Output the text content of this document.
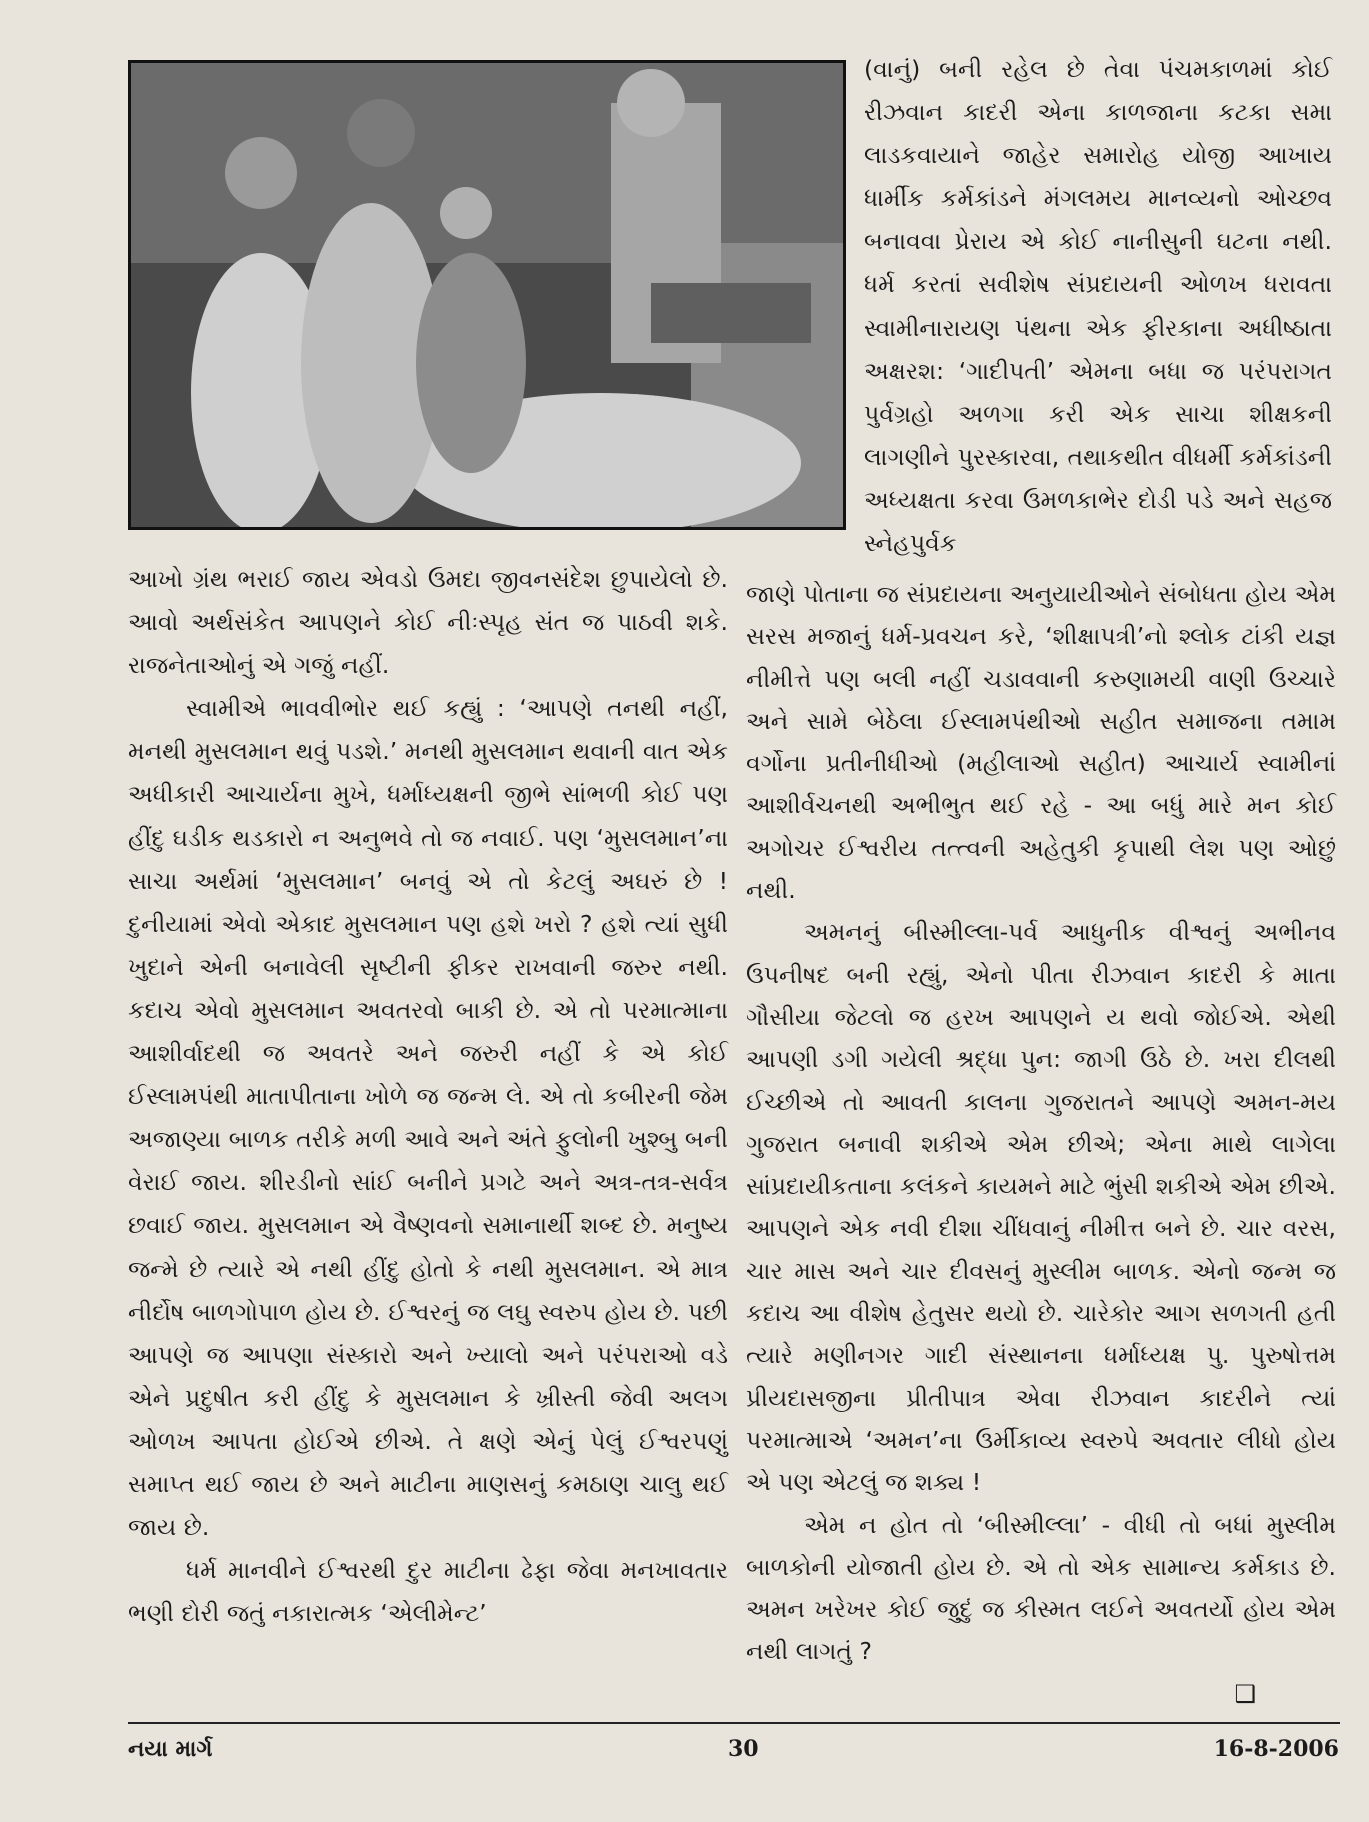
(વાનું) બની રહેલ છે તેવા પંચમકાળમાં કોઈ રીઝવાન કાદરી એના કાળજાના કટકા સમા લાડકવાયાને જાહેર સમારોહ યોજી આખાય ધાર્મીક કર્મકાંડને મંગલમય માનવ્યનો ઓચ્છવ બનાવવા પ્રેરાય એ કોઈ નાનીસુની ઘટના નથી. ધર્મ કરતાં સવીશેષ સંપ્રદાયની ઓળખ ધરાવતા સ્વામીનારાયણ પંથના એક ફીરકાના અધીષ્ઠાતા અક્ષરશ: ‘ગાદીપતી’ એમના બધા જ પરંપરાગત પુર્વગ્રહો અળગા કરી એક સાચા શીક્ષકની લાગણીને પુરસ્કારવા, તથાકથીત વીધર્મી કર્મકાંડની અધ્યક્ષતા કરવા ઉમળકાભેર દોડી પડે અને સહજ સ્નેહપુર્વક

આખો ગ્રંથ ભરાઈ જાય એવડો ઉમદા જીવનસંદેશ છુપાયેલો છે. આવો અર્થસંકેત આપણને કોઈ નીઃસ્પૃહ સંત જ પાઠવી શકે. રાજનેતાઓનું એ ગજું નહીં.

સ્વામીએ ભાવવીભોર થઈ કહ્યું : ‘આપણે તનથી નહીં, મનથી મુસલમાન થવું પડશે.’ મનથી મુસલમાન થવાની વાત એક અધીકારી આચાર્યના મુખે, ધર્માધ્યક્ષની જીભે સાંભળી કોઈ પણ હીંદુ ઘડીક થડકારો ન અનુભવે તો જ નવાઈ. પણ ‘મુસલમાન’ના સાચા અર્થમાં ‘મુસલમાન’ બનવું એ તો કેટલું અઘરું છે ! દુનીયામાં એવો એકાદ મુસલમાન પણ હશે ખરો ? હશે ત્યાં સુધી ખુદાને એની બનાવેલી સૃષ્ટીની ફીકર રાખવાની જરુર નથી. કદાચ એવો મુસલમાન અવતરવો બાકી છે. એ તો પરમાત્માના આશીર્વાદથી જ અવતરે અને જરુરી નહીં કે એ કોઈ ઈસ્લામપંથી માતાપીતાના ખોળે જ જન્મ લે. એ તો કબીરની જેમ અજાણ્યા બાળક તરીકે મળી આવે અને અંતે ફુલોની ખુશ્બુ બની વેરાઈ જાય. શીરડીનો સાંઈ બનીને પ્રગટે અને અત્ર-તત્ર-સર્વત્ર છવાઈ જાય. મુસલમાન એ વૈષ્ણવનો સમાનાર્થી શબ્દ છે. મનુષ્ય જન્મે છે ત્યારે એ નથી હીંદુ હોતો કે નથી મુસલમાન. એ માત્ર નીર્દોષ બાળગોપાળ હોય છે. ઈશ્વરનું જ લઘુ સ્વરુપ હોય છે. પછી આપણે જ આપણા સંસ્કારો અને ખ્યાલો અને પરંપરાઓ વડે એને પ્રદુષીત કરી હીંદુ કે મુસલમાન કે ખ્રીસ્તી જેવી અલગ ઓળખ આપતા હોઈએ છીએ. તે ક્ષણે એનું પેલું ઈશ્વરપણું સમાપ્ત થઈ જાય છે અને માટીના માણસનું કમઠાણ ચાલુ થઈ જાય છે.

ધર્મ માનવીને ઈશ્વરથી દુર માટીના ઢેફા જેવા મનખાવતાર ભણી દોરી જતું નકારાત્મક ‘એલીમેન્ટ’

જાણે પોતાના જ સંપ્રદાયના અનુયાયીઓને સંબોધતા હોય એમ સરસ મજાનું ધર્મ-પ્રવચન કરે, ‘શીક્ષાપત્રી’નો શ્લોક ટાંકી યજ્ઞ નીમીત્તે પણ બલી નહીં ચડાવવાની કરુણામયી વાણી ઉચ્ચારે અને સામે બેઠેલા ઈસ્લામપંથીઓ સહીત સમાજના તમામ વર્ગોના પ્રતીનીધીઓ (મહીલાઓ સહીત) આચાર્ય સ્વામીનાં આશીર્વચનથી અભીભુત થઈ રહે - આ બધું મારે મન કોઈ અગોચર ઈશ્વરીય તત્ત્વની અહેતુકી કૃપાથી લેશ પણ ઓછું નથી.

અમનનું બીસ્મીલ્લા-પર્વ આધુનીક વીશ્વનું અભીનવ ઉપનીષદ બની રહ્યું, એનો પીતા રીઝવાન કાદરી કે માતા ગૌસીયા જેટલો જ હરખ આપણને ય થવો જોઈએ. એથી આપણી ડગી ગયેલી શ્રદ્ધા પુન: જાગી ઉઠે છે. ખરા દીલથી ઈચ્છીએ તો આવતી કાલના ગુજરાતને આપણે અમન-મય ગુજરાત બનાવી શકીએ એમ છીએ; એના માથે લાગેલા સાંપ્રદાયીકતાના કલંકને કાયમને માટે ભુંસી શકીએ એમ છીએ. આપણને એક નવી દીશા ચીંધવાનું નીમીત્ત બને છે. ચાર વરસ, ચાર માસ અને ચાર દીવસનું મુસ્લીમ બાળક. એનો જન્મ જ કદાચ આ વીશેષ હેતુસર થયો છે. ચારેકોર આગ સળગતી હતી ત્યારે મણીનગર ગાદી સંસ્થાનના ધર્માધ્યક્ષ પુ. પુરુષોત્તમ પ્રીયદાસજીના પ્રીતીપાત્ર એવા રીઝવાન કાદરીને ત્યાં પરમાત્માએ ‘અમન’ના ઉર્મીકાવ્ય સ્વરુપે અવતાર લીધો હોય એ પણ એટલું જ શક્ય !

એમ ન હોત તો ‘બીસ્મીલ્લા’ - વીધી તો બધાં મુસ્લીમ બાળકોની યોજાતી હોય છે. એ તો એક સામાન્ય કર્મકાડ છે. અમન ખરેખર કોઈ જુદું જ કીસ્મત લઈને અવતર્યો હોય એમ નથી લાગતું ?

❑
નયા માર્ગ	30	16-8-2006
